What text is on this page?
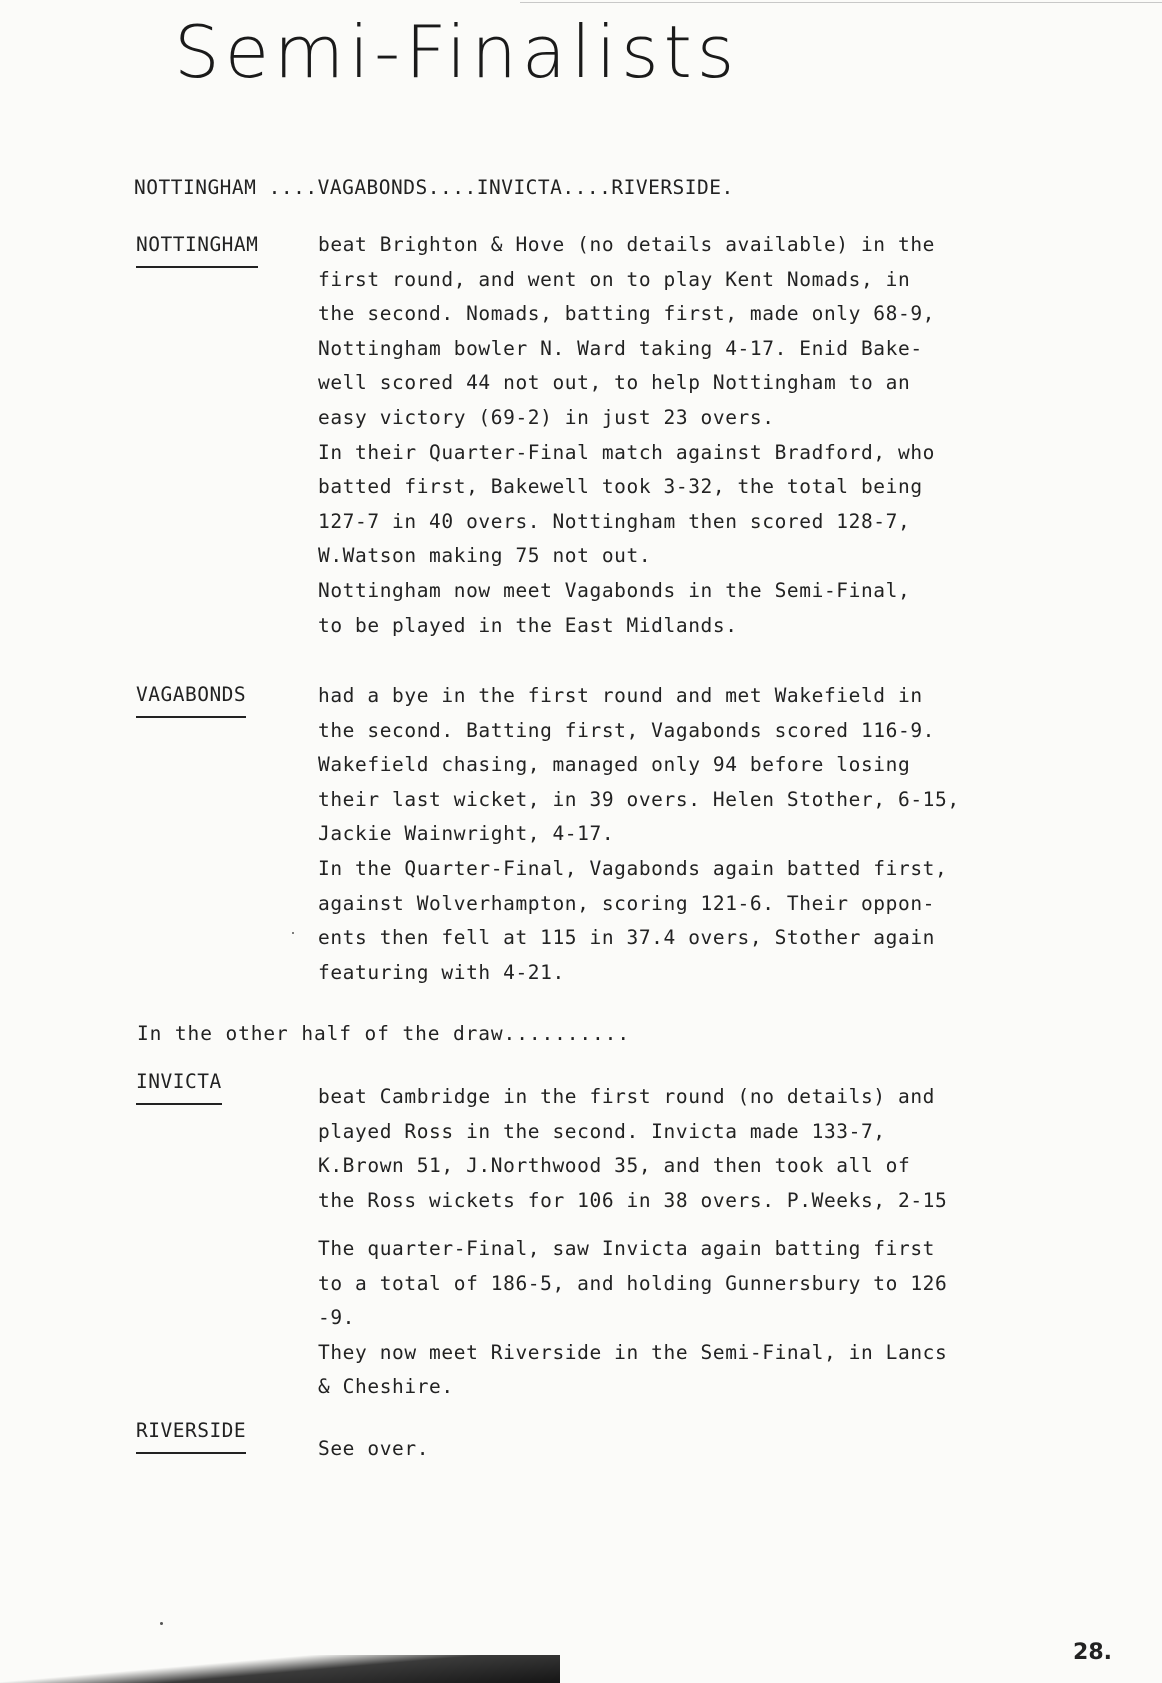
Semi-Finalists

NOTTINGHAM ....VAGABONDS....INVICTA....RIVERSIDE.

NOTTINGHAM	beat Brighton & Hove (no details available) in the
first round, and went on to play Kent Nomads, in
the second. Nomads, batting first, made only 68-9,
Nottingham bowler N. Ward taking 4-17. Enid Bake-
well scored 44 not out, to help Nottingham to an
easy victory (69-2) in just 23 overs.
In their Quarter-Final match against Bradford, who
batted first, Bakewell took 3-32, the total being
127-7 in 40 overs. Nottingham then scored 128-7,
W.Watson making 75 not out.
Nottingham now meet Vagabonds in the Semi-Final,
to be played in the East Midlands.

VAGABONDS	had a bye in the first round and met Wakefield in
the second. Batting first, Vagabonds scored 116-9.
Wakefield chasing, managed only 94 before losing
their last wicket, in 39 overs. Helen Stother, 6-15,
Jackie Wainwright, 4-17.
In the Quarter-Final, Vagabonds again batted first,
against Wolverhampton, scoring 121-6. Their oppon-
ents then fell at 115 in 37.4 overs, Stother again
featuring with 4-21.

In the other half of the draw..........

INVICTA

beat Cambridge in the first round (no details) and
played Ross in the second. Invicta made 133-7,
K.Brown 51, J.Northwood 35, and then took all of
the Ross wickets for 106 in 38 overs. P.Weeks, 2-15
The quarter-Final, saw Invicta again batting first
to a total of 186-5, and holding Gunnersbury to 126
-9.
They now meet Riverside in the Semi-Final, in Lancs
& Cheshire.

RIVERSIDE

See over.

28.
